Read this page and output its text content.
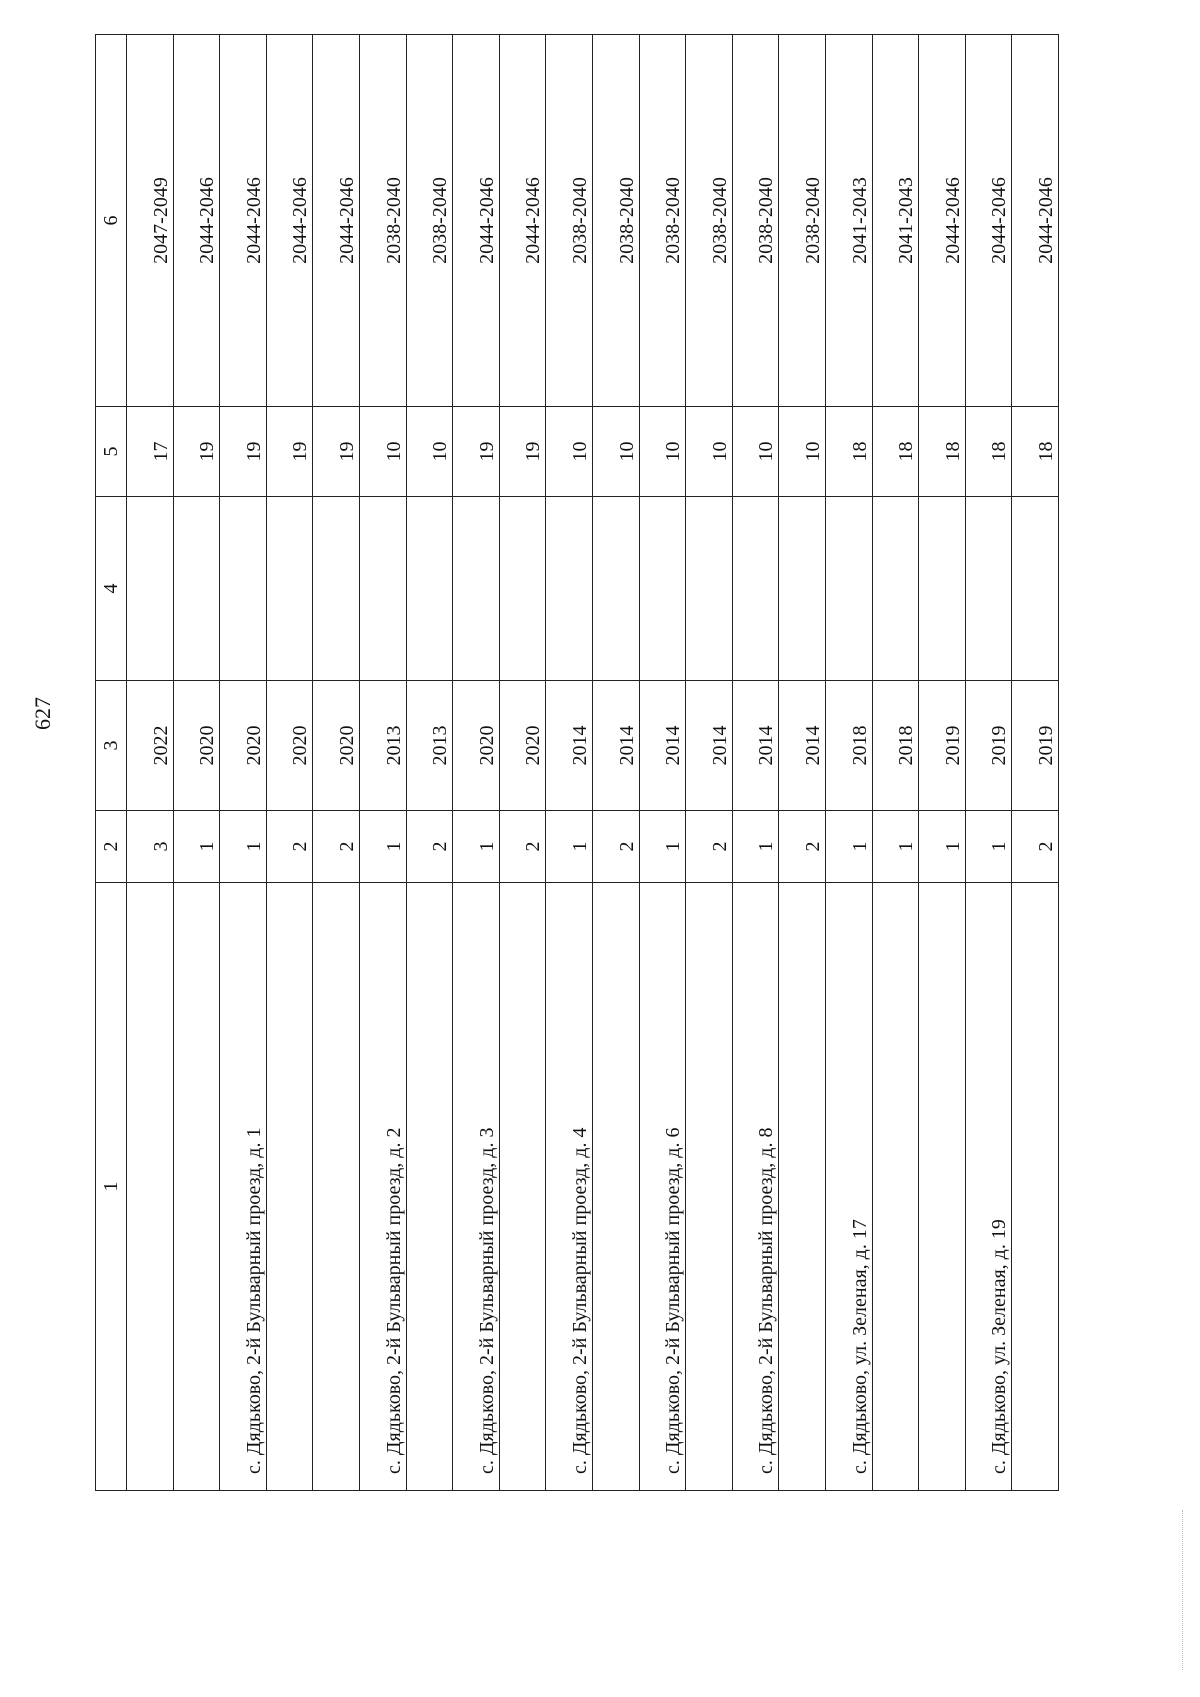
627
1	2	3	4	5	6
	3	2022		17	2047-2049
	1	2020		19	2044-2046
с. Дядьково, 2-й Бульварный проезд, д. 1	1	2020		19	2044-2046
	2	2020		19	2044-2046
	2	2020		19	2044-2046
с. Дядьково, 2-й Бульварный проезд, д. 2	1	2013		10	2038-2040
	2	2013		10	2038-2040
с. Дядьково, 2-й Бульварный проезд, д. 3	1	2020		19	2044-2046
	2	2020		19	2044-2046
с. Дядьково, 2-й Бульварный проезд, д. 4	1	2014		10	2038-2040
	2	2014		10	2038-2040
с. Дядьково, 2-й Бульварный проезд, д. 6	1	2014		10	2038-2040
	2	2014		10	2038-2040
с. Дядьково, 2-й Бульварный проезд, д. 8	1	2014		10	2038-2040
	2	2014		10	2038-2040
с. Дядьково, ул. Зеленая, д. 17	1	2018		18	2041-2043
	1	2018		18	2041-2043
	1	2019		18	2044-2046
с. Дядьково, ул. Зеленая, д. 19	1	2019		18	2044-2046
	2	2019		18	2044-2046
